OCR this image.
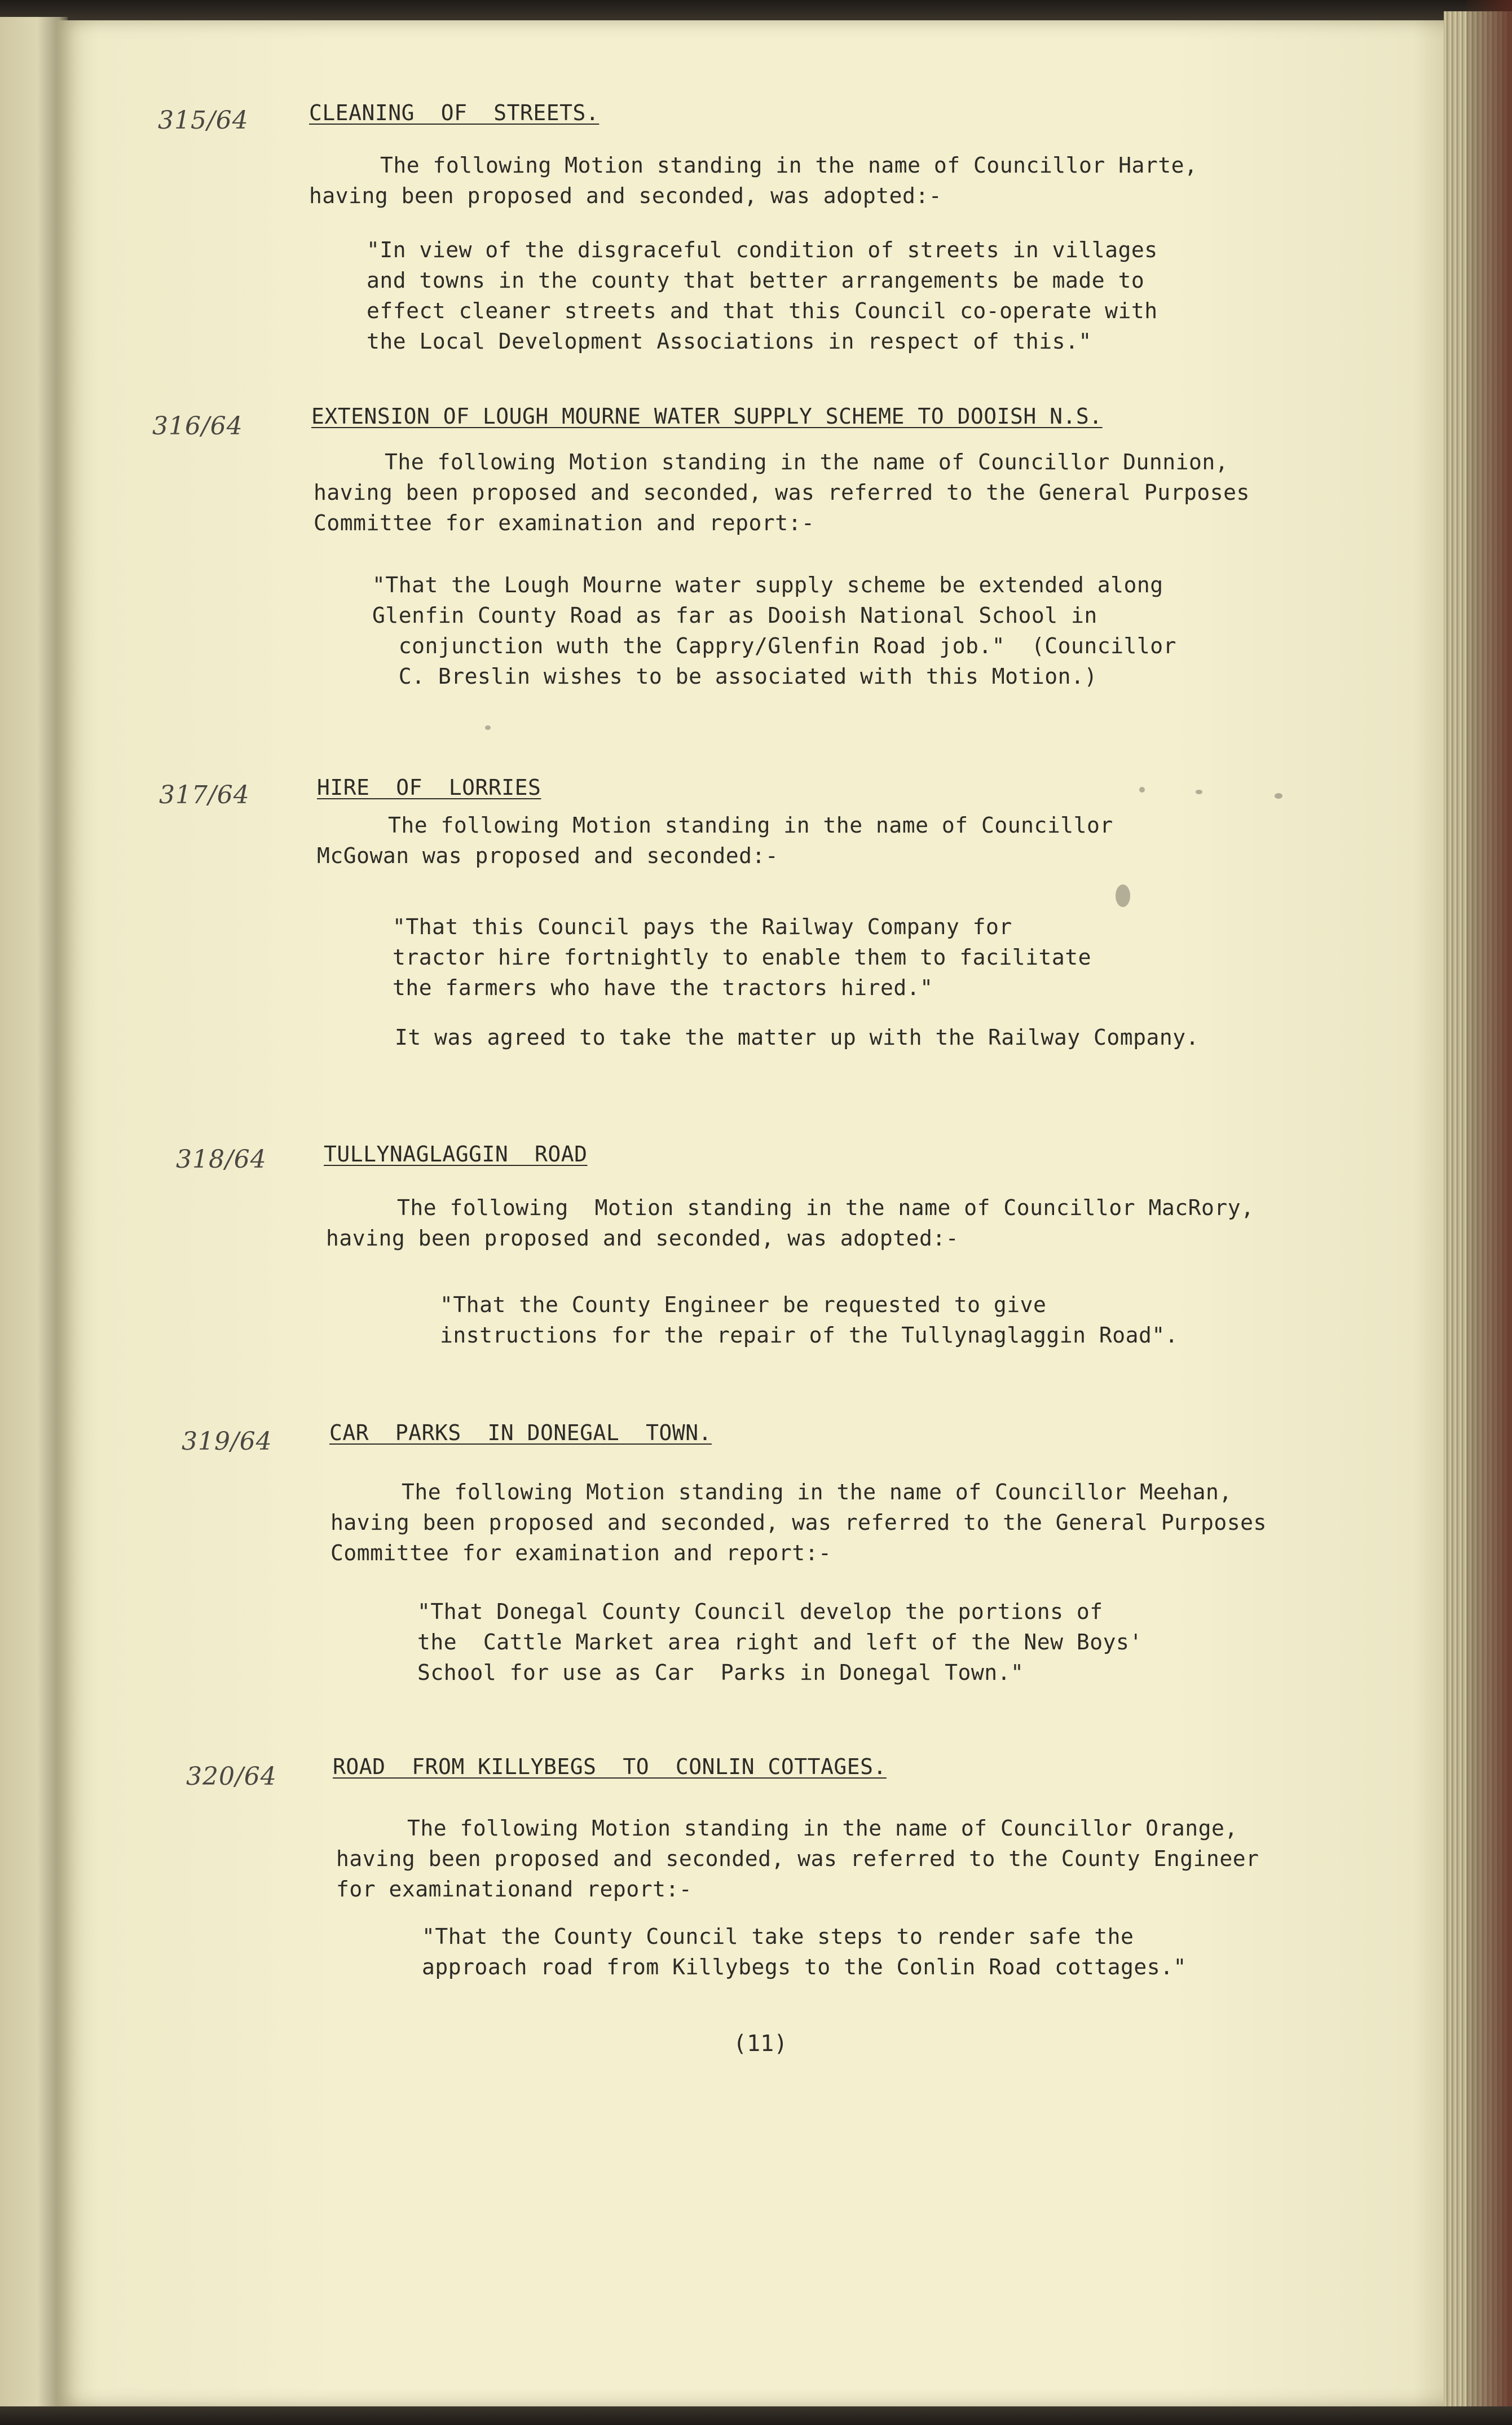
315/64	CLEANING  OF  STREETS.
The following Motion standing in the name of Councillor Harte,
having been proposed and seconded, was adopted:-
"In view of the disgraceful condition of streets in villages
and towns in the county that better arrangements be made to
effect cleaner streets and that this Council co-operate with
the Local Development Associations in respect of this."
316/64	EXTENSION OF LOUGH MOURNE WATER SUPPLY SCHEME TO DOOISH N.S.
The following Motion standing in the name of Councillor Dunnion,
having been proposed and seconded, was referred to the General Purposes
Committee for examination and report:-
"That the Lough Mourne water supply scheme be extended along
Glenfin County Road as far as Dooish National School in
conjunction wuth the Cappry/Glenfin Road job."  (Councillor
C. Breslin wishes to be associated with this Motion.)
317/64	HIRE  OF  LORRIES
The following Motion standing in the name of Councillor
McGowan was proposed and seconded:-
"That this Council pays the Railway Company for
tractor hire fortnightly to enable them to facilitate
the farmers who have the tractors hired."
It was agreed to take the matter up with the Railway Company.
318/64	TULLYNAGLAGGIN  ROAD
The following  Motion standing in the name of Councillor MacRory,
having been proposed and seconded, was adopted:-
"That the County Engineer be requested to give
instructions for the repair of the Tullynaglaggin Road".
319/64	CAR  PARKS  IN DONEGAL  TOWN.
The following Motion standing in the name of Councillor Meehan,
having been proposed and seconded, was referred to the General Purposes
Committee for examination and report:-
"That Donegal County Council develop the portions of
the  Cattle Market area right and left of the New Boys'
School for use as Car  Parks in Donegal Town."
320/64	ROAD  FROM KILLYBEGS  TO  CONLIN COTTAGES.
The following Motion standing in the name of Councillor Orange,
having been proposed and seconded, was referred to the County Engineer
for examinationand report:-
"That the County Council take steps to render safe the
approach road from Killybegs to the Conlin Road cottages."
(11)
